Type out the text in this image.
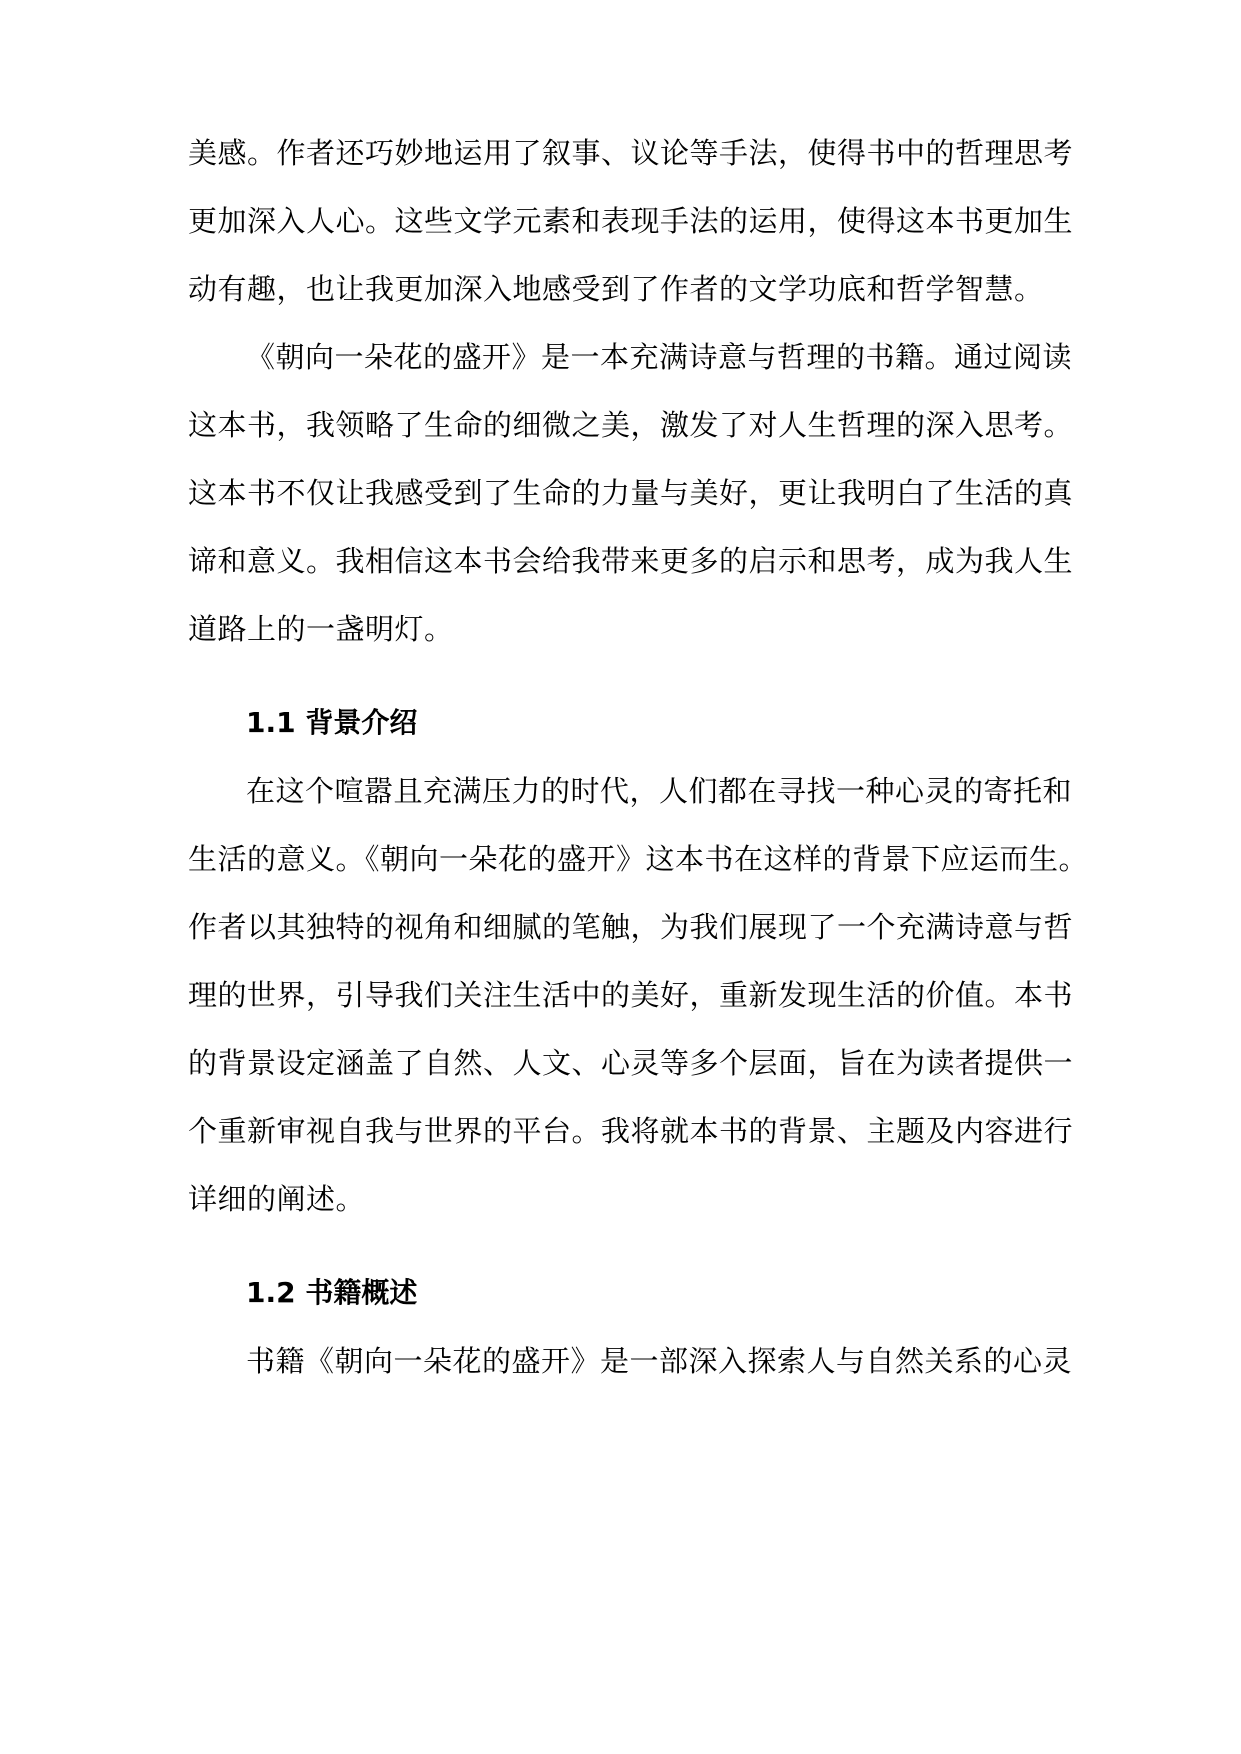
美感。作者还巧妙地运用了叙事、议论等手法，使得书中的哲理思考
更加深入人心。这些文学元素和表现手法的运用，使得这本书更加生
动有趣，也让我更加深入地感受到了作者的文学功底和哲学智慧。
《朝向一朵花的盛开》是一本充满诗意与哲理的书籍。通过阅读
这本书，我领略了生命的细微之美，激发了对人生哲理的深入思考。
这本书不仅让我感受到了生命的力量与美好，更让我明白了生活的真
谛和意义。我相信这本书会给我带来更多的启示和思考，成为我人生
道路上的一盏明灯。
1.1 背景介绍
在这个喧嚣且充满压力的时代，人们都在寻找一种心灵的寄托和
生活的意义。《朝向一朵花的盛开》这本书在这样的背景下应运而生。
作者以其独特的视角和细腻的笔触，为我们展现了一个充满诗意与哲
理的世界，引导我们关注生活中的美好，重新发现生活的价值。本书
的背景设定涵盖了自然、人文、心灵等多个层面，旨在为读者提供一
个重新审视自我与世界的平台。我将就本书的背景、主题及内容进行
详细的阐述。
1.2 书籍概述
书籍《朝向一朵花的盛开》是一部深入探索人与自然关系的心灵
